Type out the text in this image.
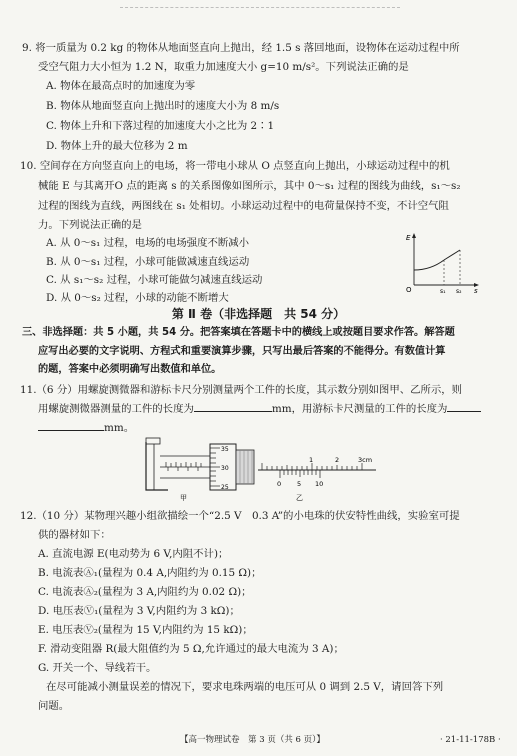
9. 将一质量为 0.2 kg 的物体从地面竖直向上抛出，经 1.5 s 落回地面，设物体在运动过程中所
受空气阻力大小恒为 1.2 N，取重力加速度大小 g=10 m/s²。下列说法正确的是
A. 物体在最高点时的加速度为零
B. 物体从地面竖直向上抛出时的速度大小为 8 m/s
C. 物体上升和下落过程的加速度大小之比为 2∶1
D. 物体上升的最大位移为 2 m
10. 空间存在方向竖直向上的电场，将一带电小球从 O 点竖直向上抛出，小球运动过程中的机
械能 E 与其离开O 点的距离 s 的关系图像如图所示，其中 0～s₁ 过程的图线为曲线，s₁～s₂
过程的图线为直线，两图线在 s₁ 处相切。小球运动过程中的电荷量保持不变，不计空气阻
力。下列说法正确的是
A. 从 0～s₁ 过程，电场的电场强度不断减小
B. 从 0～s₁ 过程，小球可能做减速直线运动
C. 从 s₁～s₂ 过程，小球可能做匀减速直线运动
D. 从 0～s₂ 过程，小球的动能不断增大
E
O	s₁ s₂ s
第 Ⅱ 卷（非选择题　共 54 分）
三、非选择题：共 5 小题，共 54 分。把答案填在答题卡中的横线上或按题目要求作答。解答题
应写出必要的文字说明、方程式和重要演算步骤，只写出最后答案的不能得分。有数值计算
的题，答案中必须明确写出数值和单位。
11.（6 分）用螺旋测微器和游标卡尺分别测量两个工件的长度，其示数分别如图甲、乙所示，则
用螺旋测微器测量的工件的长度为	mm，用游标卡尺测量的工件的长度为
mm。
35
30
25
甲
1	2	3cm
0 5 10
乙
12.（10 分）某物理兴趣小组欲描绘一个“2.5 V　0.3 A”的小电珠的伏安特性曲线，实验室可提
供的器材如下：
A. 直流电源 E(电动势为 6 V,内阻不计)；
B. 电流表Ⓐ₁(量程为 0.4 A,内阻约为 0.15 Ω)；
C. 电流表Ⓐ₂(量程为 3 A,内阻约为 0.02 Ω)；
D. 电压表Ⓥ₁(量程为 3 V,内阻约为 3 kΩ)；
E. 电压表Ⓥ₂(量程为 15 V,内阻约为 15 kΩ)；
F. 滑动变阻器 R(最大阻值约为 5 Ω,允许通过的最大电流为 3 A)；
G. 开关一个、导线若干。
在尽可能减小测量误差的情况下，要求电珠两端的电压可从 0 调到 2.5 V，请回答下列
问题。
【高一物理试卷　第 3 页（共 6 页）】	· 21-11-178B ·
